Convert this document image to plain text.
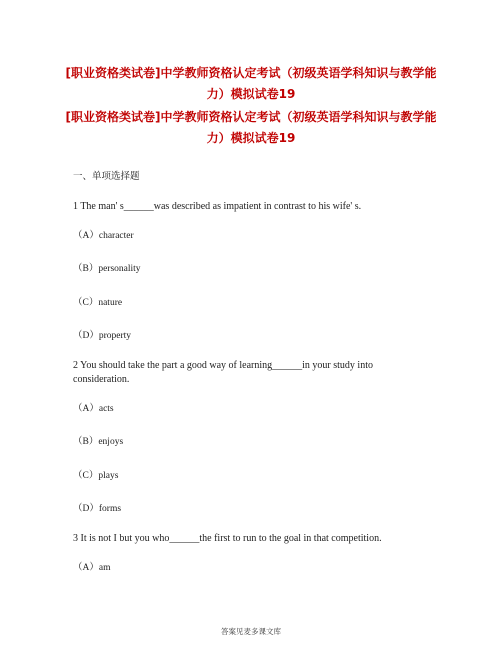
[职业资格类试卷]中学教师资格认定考试（初级英语学科知识与教学能力）模拟试卷19
[职业资格类试卷]中学教师资格认定考试（初级英语学科知识与教学能力）模拟试卷19

一、单项选择题

1 The man' s______was described as impatient in contrast to his wife' s.

（A）character

（B）personality

（C）nature

（D）property

2 You should take the part a good way of learning______in your study into consideration.

（A）acts

（B）enjoys

（C）plays

（D）forms

3 It is not I but you who______the first to run to the goal in that competition.

（A）am

答案见麦多课文库
